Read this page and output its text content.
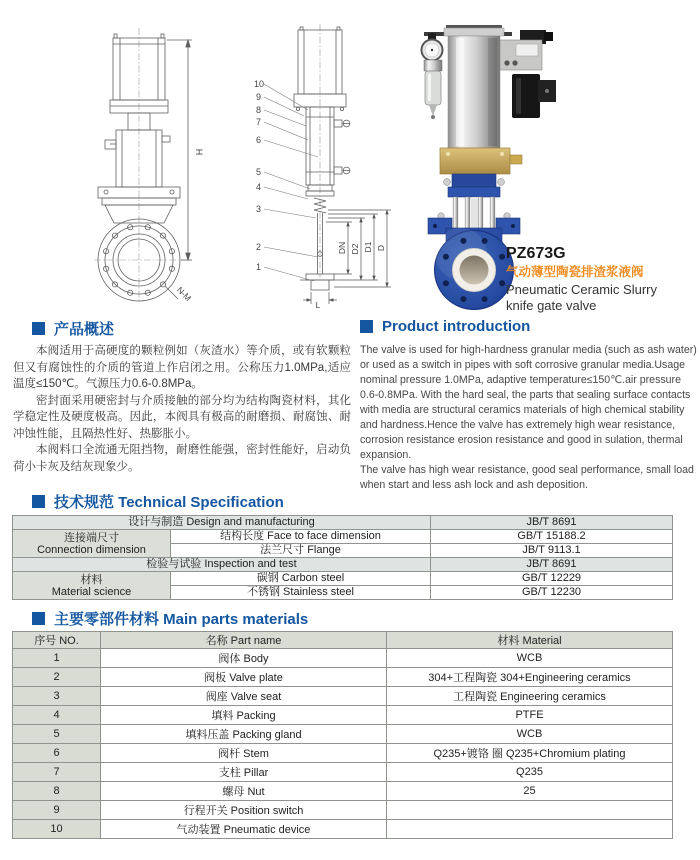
H
N-M
10
9
8
7
6
5
4
3
2
1
DN D2 D1 D
L
PZ673G
气动薄型陶瓷排渣浆液阀
Pneumatic Ceramic Slurry knife gate valve
产品概述

本阀适用于高硬度的颗粒例如（灰渣水）等介质，或有软颗粒但又有腐蚀性的介质的管道上作启闭之用。公称压力1.0MPa,适应温度≤150℃。气源压力0.6-0.8MPa。

密封面采用硬密封与介质接触的部分均为结构陶瓷材料，其化学稳定性及硬度极高。因此，本阀具有极高的耐磨损、耐腐蚀、耐冲蚀性能，且隔热性好、热膨胀小。

本阀料口全流通无阻挡物，耐磨性能强，密封性能好，启动负荷小卡灰及结灰现象少。

Product introduction

The valve is used for high-hardness granular media (such as ash water) or used as a switch in pipes with soft corrosive granular media.Usage nominal pressure 1.0MPa, adaptive temperature≤150℃.air pressure 0.6-0.8MPa. With the hard seal, the parts that sealing surface contacts with media are structural ceramics materials of high chemical stability and hardness.Hence the valve has extremely high wear resistance, corrosion resistance erosion resistance and good in sulation, thermal expansion.

The valve has high wear resistance, good seal performance, small load when start and less ash lock and ash deposition.

技术规范 Technical Specification
设计与制造 Design and manufacturing		JB/T 8691
连接端尺寸
Connection dimension	结构长度 Face to face dimension	GB/T 15188.2
	法兰尺寸 Flange	JB/T 9113.1
检验与试验 Inspection and test		JB/T 8691
材料
Material science	碳钢 Carbon steel	GB/T 12229
	不锈钢 Stainless steel	GB/T 12230
主要零部件材料 Main parts materials
序号 NO.	名称 Part name	材料 Material
1	阀体 Body	WCB
2	阀板 Valve plate	304+工程陶瓷 304+Engineering ceramics
3	阀座 Valve seat	工程陶瓷 Engineering ceramics
4	填料 Packing	PTFE
5	填料压盖 Packing gland	WCB
6	阀杆 Stem	Q235+镀铬 圈 Q235+Chromium plating
7	支柱 Pillar	Q235
8	螺母 Nut	25
9	行程开关 Position switch	
10	气动装置 Pneumatic device	
